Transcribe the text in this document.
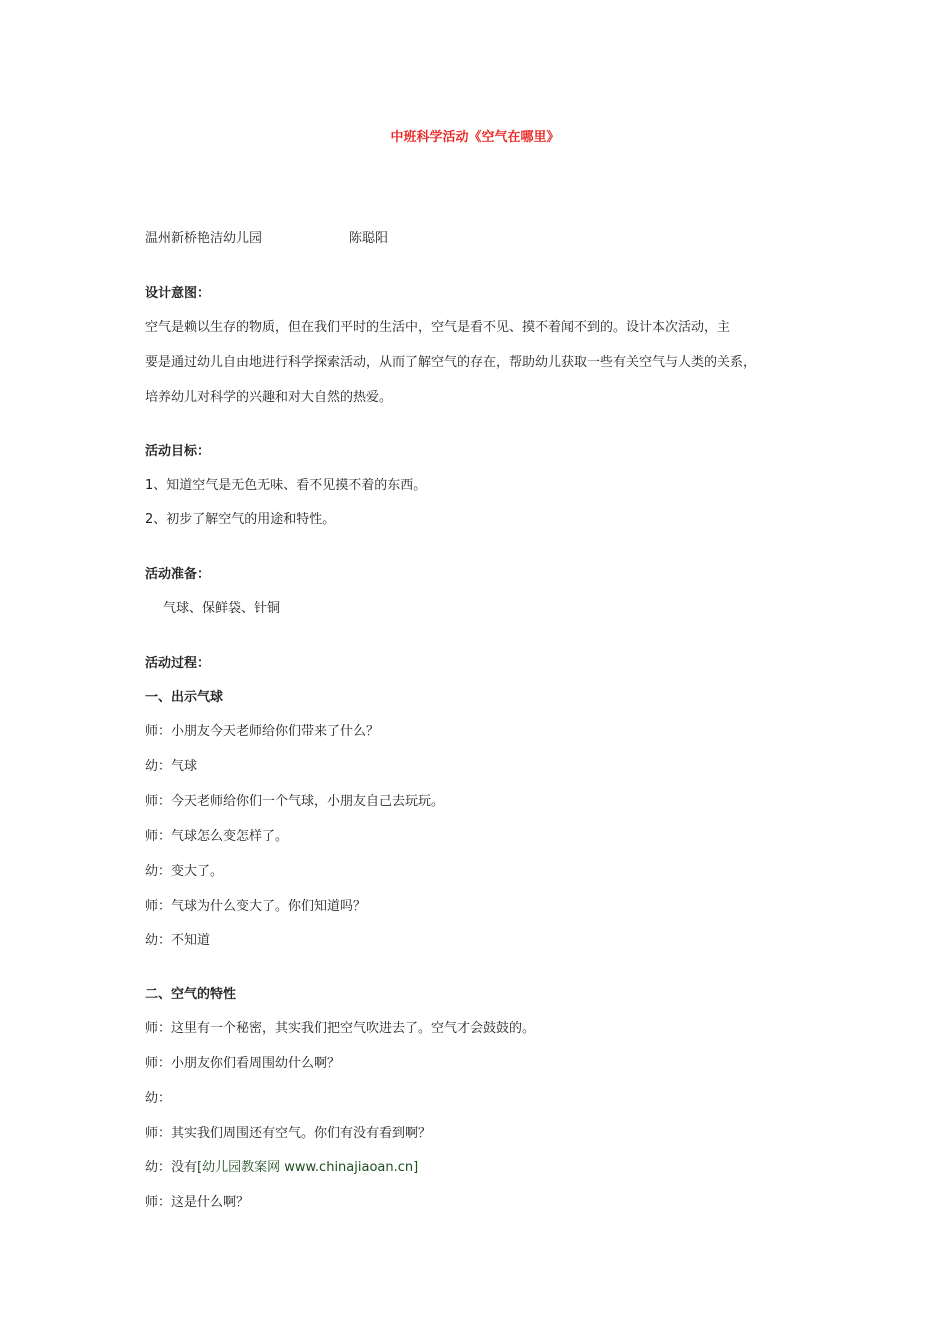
中班科学活动《空气在哪里》
温州新桥艳洁幼儿园	陈聪阳
设计意图：
空气是赖以生存的物质，但在我们平时的生活中，空气是看不见、摸不着闻不到的。设计本次活动，主
要是通过幼儿自由地进行科学探索活动，从而了解空气的存在，帮助幼儿获取一些有关空气与人类的关系，
培养幼儿对科学的兴趣和对大自然的热爱。
活动目标：
1、知道空气是无色无味、看不见摸不着的东西。
2、初步了解空气的用途和特性。
活动准备：
气球、保鲜袋、针铜
活动过程：
一、出示气球
师：小朋友今天老师给你们带来了什么？
幼：气球
师：今天老师给你们一个气球，小朋友自己去玩玩。
师：气球怎么变怎样了。
幼：变大了。
师：气球为什么变大了。你们知道吗？
幼：不知道
二、空气的特性
师：这里有一个秘密，其实我们把空气吹进去了。空气才会鼓鼓的。
师：小朋友你们看周围幼什么啊？
幼：
师：其实我们周围还有空气。你们有没有看到啊？
幼：没有[幼儿园教案网 www.chinajiaoan.cn]
师：这是什么啊？
